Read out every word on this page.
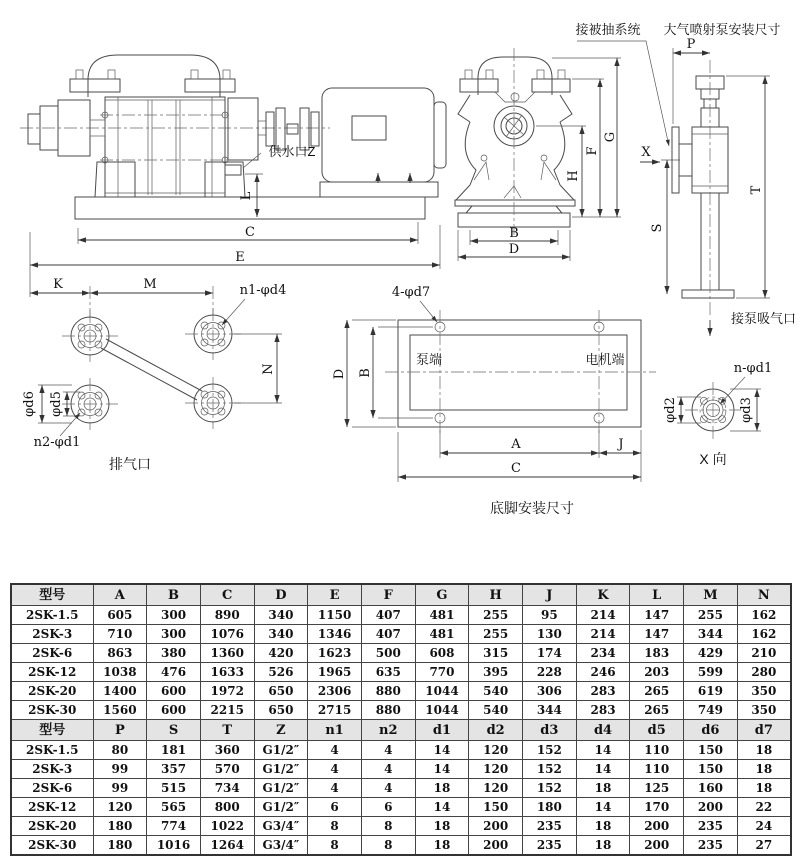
供水口Z
L
C
E
B
D
H
F
G
接被抽系统 大气喷射泵安装尺寸
P
X
S
T
接泵吸气口
K	M	n1-φd4
N
φd6 φd5
n2-φd1
排气口
4-φd7
泵端	电机端
D B
A	J
C
底脚安装尺寸
n-φd1
φd2	φd3
X 向
型号	A	B	C	D	E	F	G	H	J	K	L	M	N
2SK-1.5	605	300	890	340	1150	407	481	255	95	214	147	255	162
2SK-3	710	300	1076	340	1346	407	481	255	130	214	147	344	162
2SK-6	863	380	1360	420	1623	500	608	315	174	234	183	429	210
2SK-12	1038	476	1633	526	1965	635	770	395	228	246	203	599	280
2SK-20	1400	600	1972	650	2306	880	1044	540	306	283	265	619	350
2SK-30	1560	600	2215	650	2715	880	1044	540	344	283	265	749	350
型号	P	S	T	Z	n1	n2	d1	d2	d3	d4	d5	d6	d7
2SK-1.5	80	181	360	G1/2″	4	4	14	120	152	14	110	150	18
2SK-3	99	357	570	G1/2″	4	4	14	120	152	14	110	150	18
2SK-6	99	515	734	G1/2″	4	4	18	120	152	18	125	160	18
2SK-12	120	565	800	G1/2″	6	6	14	150	180	14	170	200	22
2SK-20	180	774	1022	G3/4″	8	8	18	200	235	18	200	235	24
2SK-30	180	1016	1264	G3/4″	8	8	18	200	235	18	200	235	27
